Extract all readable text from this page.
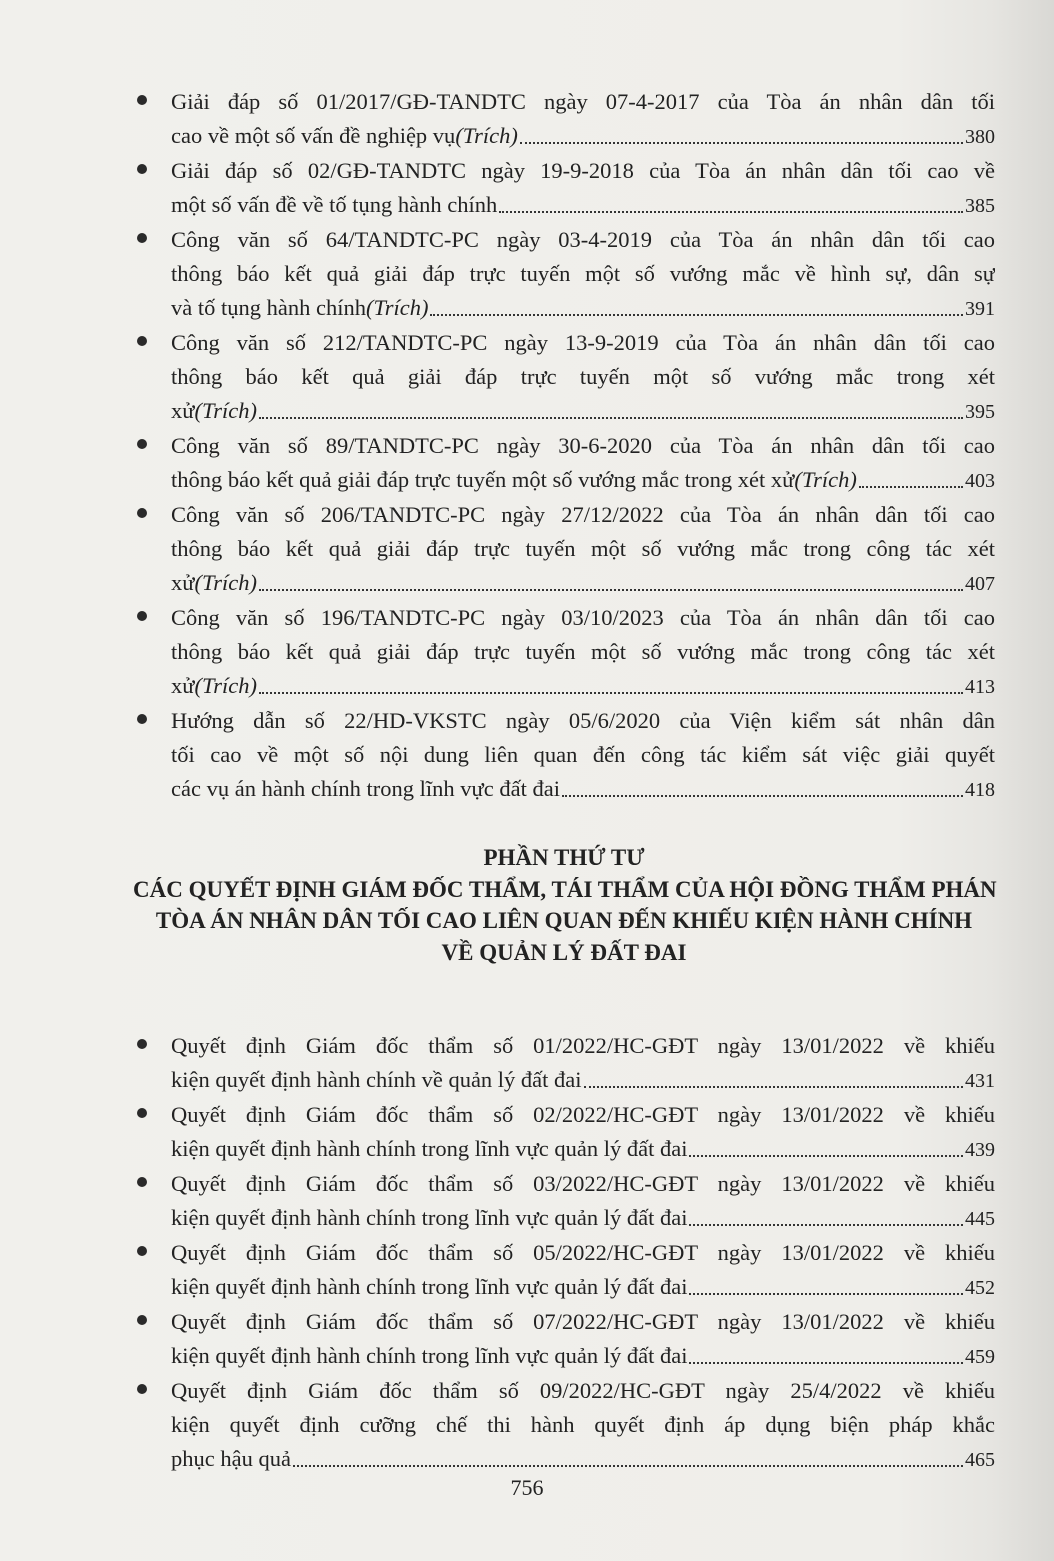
Giải đáp số 01/2017/GĐ-TANDTC ngày 07-4-2017 của Tòa án nhân dân tối
cao về một số vấn đề nghiệp vụ (Trích)	380
Giải đáp số 02/GĐ-TANDTC ngày 19-9-2018 của Tòa án nhân dân tối cao về
một số vấn đề về tố tụng hành chính	385
Công văn số 64/TANDTC-PC ngày 03-4-2019 của Tòa án nhân dân tối cao
thông báo kết quả giải đáp trực tuyến một số vướng mắc về hình sự, dân sự
và tố tụng hành chính (Trích)	391
Công văn số 212/TANDTC-PC ngày 13-9-2019 của Tòa án nhân dân tối cao
thông báo kết quả giải đáp trực tuyến một số vướng mắc trong xét
xử (Trích)	395
Công văn số 89/TANDTC-PC ngày 30-6-2020 của Tòa án nhân dân tối cao
thông báo kết quả giải đáp trực tuyến một số vướng mắc trong xét xử (Trích)	403
Công văn số 206/TANDTC-PC ngày 27/12/2022 của Tòa án nhân dân tối cao
thông báo kết quả giải đáp trực tuyến một số vướng mắc trong công tác xét
xử (Trích)	407
Công văn số 196/TANDTC-PC ngày 03/10/2023 của Tòa án nhân dân tối cao
thông báo kết quả giải đáp trực tuyến một số vướng mắc trong công tác xét
xử (Trích)	413
Hướng dẫn số 22/HD-VKSTC ngày 05/6/2020 của Viện kiểm sát nhân dân
tối cao về một số nội dung liên quan đến công tác kiểm sát việc giải quyết
các vụ án hành chính trong lĩnh vực đất đai	418
PHẦN THỨ TƯ
CÁC QUYẾT ĐỊNH GIÁM ĐỐC THẨM, TÁI THẨM CỦA HỘI ĐỒNG THẨM PHÁN
TÒA ÁN NHÂN DÂN TỐI CAO LIÊN QUAN ĐẾN KHIẾU KIỆN HÀNH CHÍNH
VỀ QUẢN LÝ ĐẤT ĐAI
Quyết định Giám đốc thẩm số 01/2022/HC-GĐT ngày 13/01/2022 về khiếu
kiện quyết định hành chính về quản lý đất đai	431
Quyết định Giám đốc thẩm số 02/2022/HC-GĐT ngày 13/01/2022 về khiếu
kiện quyết định hành chính trong lĩnh vực quản lý đất đai	439
Quyết định Giám đốc thẩm số 03/2022/HC-GĐT ngày 13/01/2022 về khiếu
kiện quyết định hành chính trong lĩnh vực quản lý đất đai	445
Quyết định Giám đốc thẩm số 05/2022/HC-GĐT ngày 13/01/2022 về khiếu
kiện quyết định hành chính trong lĩnh vực quản lý đất đai	452
Quyết định Giám đốc thẩm số 07/2022/HC-GĐT ngày 13/01/2022 về khiếu
kiện quyết định hành chính trong lĩnh vực quản lý đất đai	459
Quyết định Giám đốc thẩm số 09/2022/HC-GĐT ngày 25/4/2022 về khiếu
kiện quyết định cưỡng chế thi hành quyết định áp dụng biện pháp khắc
phục hậu quả	465
756
